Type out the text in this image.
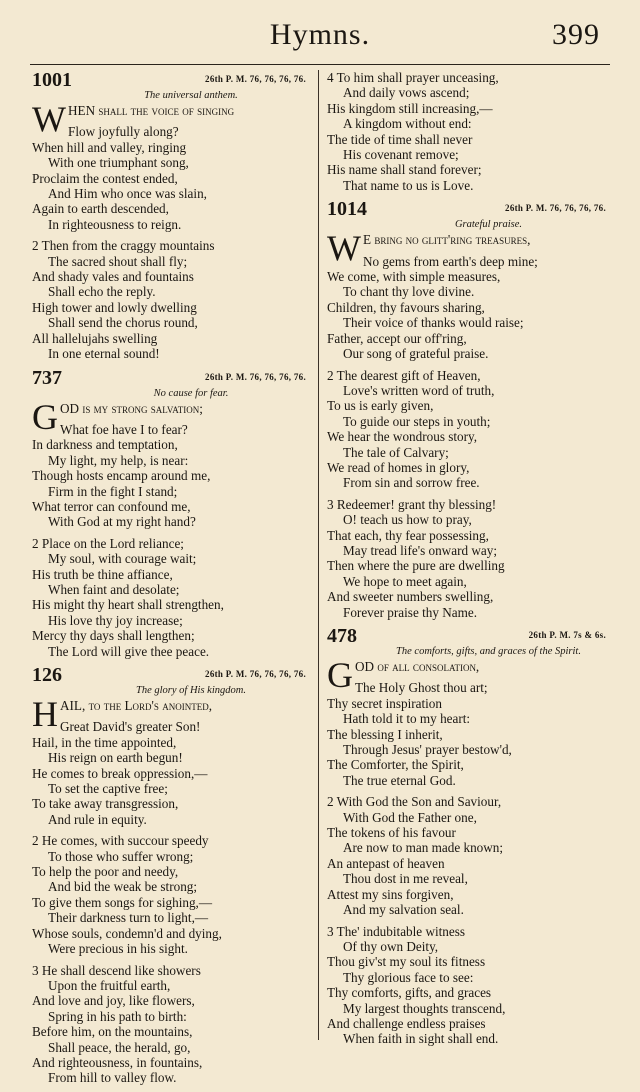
Hymns.	399
1001	26th P. M. 76, 76, 76, 76.
The universal anthem.
WHEN shall the voice of singing
Flow joyfully along?
When hill and valley, ringing
With one triumphant song,
Proclaim the contest ended,
And Him who once was slain,
Again to earth descended,
In righteousness to reign.
2 Then from the craggy mountains
The sacred shout shall fly;
And shady vales and fountains
Shall echo the reply.
High tower and lowly dwelling
Shall send the chorus round,
All hallelujahs swelling
In one eternal sound!
737	26th P. M. 76, 76, 76, 76.
No cause for fear.
GOD is my strong salvation;
What foe have I to fear?
In darkness and temptation,
My light, my help, is near:
Though hosts encamp around me,
Firm in the fight I stand;
What terror can confound me,
With God at my right hand?
2 Place on the Lord reliance;
My soul, with courage wait;
His truth be thine affiance,
When faint and desolate;
His might thy heart shall strengthen,
His love thy joy increase;
Mercy thy days shall lengthen;
The Lord will give thee peace.
126	26th P. M. 76, 76, 76, 76.
The glory of His kingdom.
HAIL, to the Lord's anointed,
Great David's greater Son!
Hail, in the time appointed,
His reign on earth begun!
He comes to break oppression,—
To set the captive free;
To take away transgression,
And rule in equity.
2 He comes, with succour speedy
To those who suffer wrong;
To help the poor and needy,
And bid the weak be strong;
To give them songs for sighing,—
Their darkness turn to light,—
Whose souls, condemn'd and dying,
Were precious in his sight.
3 He shall descend like showers
Upon the fruitful earth,
And love and joy, like flowers,
Spring in his path to birth:
Before him, on the mountains,
Shall peace, the herald, go,
And righteousness, in fountains,
From hill to valley flow.
4 To him shall prayer unceasing,
And daily vows ascend;
His kingdom still increasing,—
A kingdom without end:
The tide of time shall never
His covenant remove;
His name shall stand forever;
That name to us is Love.
1014	26th P. M. 76, 76, 76, 76.
Grateful praise.
W E bring no glitt'ring treasures,
No gems from earth's deep mine;
We come, with simple measures,
To chant thy love divine.
Children, thy favours sharing,
Their voice of thanks would raise;
Father, accept our off'ring,
Our song of grateful praise.
2 The dearest gift of Heaven,
Love's written word of truth,
To us is early given,
To guide our steps in youth;
We hear the wondrous story,
The tale of Calvary;
We read of homes in glory,
From sin and sorrow free.
3 Redeemer! grant thy blessing!
O! teach us how to pray,
That each, thy fear possessing,
May tread life's onward way;
Then where the pure are dwelling
We hope to meet again,
And sweeter numbers swelling,
Forever praise thy Name.
478	26th P. M. 7s & 6s.
The comforts, gifts, and graces of the Spirit.
GOD of all consolation,
The Holy Ghost thou art;
Thy secret inspiration
Hath told it to my heart:
The blessing I inherit,
Through Jesus' prayer bestow'd,
The Comforter, the Spirit,
The true eternal God.
2 With God the Son and Saviour,
With God the Father one,
The tokens of his favour
Are now to man made known;
An antepast of heaven
Thou dost in me reveal,
Attest my sins forgiven,
And my salvation seal.
3 The' indubitable witness
Of thy own Deity,
Thou giv'st my soul its fitness
Thy glorious face to see:
Thy comforts, gifts, and graces
My largest thoughts transcend,
And challenge endless praises
When faith in sight shall end.
